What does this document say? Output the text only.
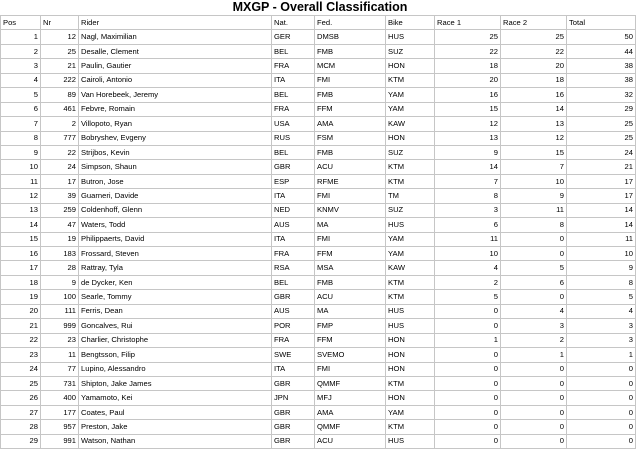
MXGP - Overall Classification
Pos	Nr	Rider	Nat.	Fed.	Bike	Race 1	Race 2	Total
1	12	Nagl, Maximilian	GER	DMSB	HUS	25	25	50
2	25	Desalle, Clement	BEL	FMB	SUZ	22	22	44
3	21	Paulin, Gautier	FRA	MCM	HON	18	20	38
4	222	Cairoli, Antonio	ITA	FMI	KTM	20	18	38
5	89	Van Horebeek, Jeremy	BEL	FMB	YAM	16	16	32
6	461	Febvre, Romain	FRA	FFM	YAM	15	14	29
7	2	Villopoto, Ryan	USA	AMA	KAW	12	13	25
8	777	Bobryshev, Evgeny	RUS	FSM	HON	13	12	25
9	22	Strijbos, Kevin	BEL	FMB	SUZ	9	15	24
10	24	Simpson, Shaun	GBR	ACU	KTM	14	7	21
11	17	Butron, Jose	ESP	RFME	KTM	7	10	17
12	39	Guarneri, Davide	ITA	FMI	TM	8	9	17
13	259	Coldenhoff, Glenn	NED	KNMV	SUZ	3	11	14
14	47	Waters, Todd	AUS	MA	HUS	6	8	14
15	19	Philippaerts, David	ITA	FMI	YAM	11	0	11
16	183	Frossard, Steven	FRA	FFM	YAM	10	0	10
17	28	Rattray, Tyla	RSA	MSA	KAW	4	5	9
18	9	de Dycker, Ken	BEL	FMB	KTM	2	6	8
19	100	Searle, Tommy	GBR	ACU	KTM	5	0	5
20	111	Ferris, Dean	AUS	MA	HUS	0	4	4
21	999	Goncalves, Rui	POR	FMP	HUS	0	3	3
22	23	Charlier, Christophe	FRA	FFM	HON	1	2	3
23	11	Bengtsson, Filip	SWE	SVEMO	HON	0	1	1
24	77	Lupino, Alessandro	ITA	FMI	HON	0	0	0
25	731	Shipton, Jake James	GBR	QMMF	KTM	0	0	0
26	400	Yamamoto, Kei	JPN	MFJ	HON	0	0	0
27	177	Coates, Paul	GBR	AMA	YAM	0	0	0
28	957	Preston, Jake	GBR	QMMF	KTM	0	0	0
29	991	Watson, Nathan	GBR	ACU	HUS	0	0	0
